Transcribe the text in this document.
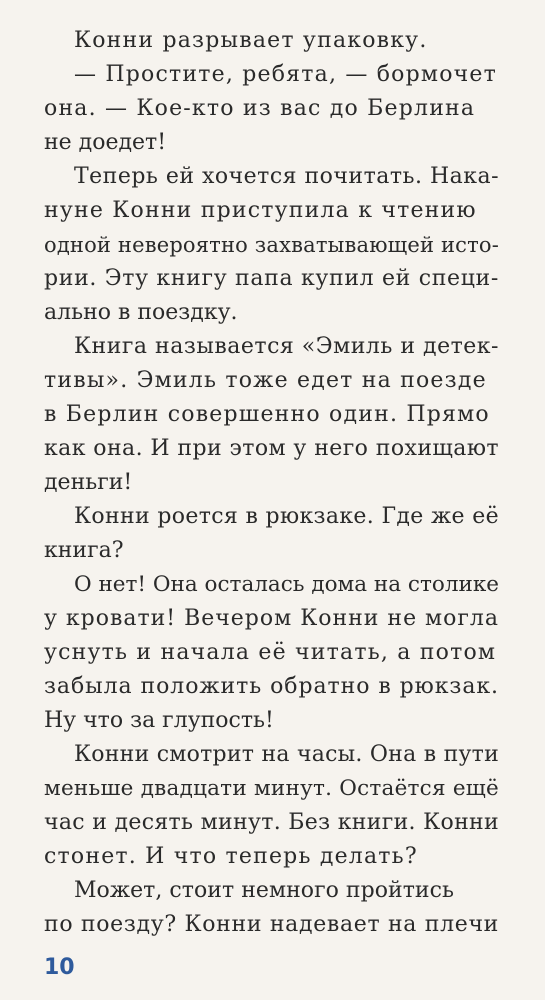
Конни разрывает упаковку.

— Простите, ребята, — бормочет

она. — Кое-кто из вас до Берлина

не доедет!

Теперь ей хочется почитать. Нака-

нуне Конни приступила к чтению

одной невероятно захватывающей исто-

рии. Эту книгу папа купил ей специ-

ально в поездку.

Книга называется «Эмиль и детек-

тивы». Эмиль тоже едет на поезде

в Берлин совершенно один. Прямо

как она. И при этом у него похищают

деньги!

Конни роется в рюкзаке. Где же её

книга?

О нет! Она осталась дома на столике

у кровати! Вечером Конни не могла

уснуть и начала её читать, а потом

забыла положить обратно в рюкзак.

Ну что за глупость!

Конни смотрит на часы. Она в пути

меньше двадцати минут. Остаётся ещё

час и десять минут. Без книги. Конни

стонет. И что теперь делать?

Может, стоит немного пройтись

по поезду? Конни надевает на плечи

10
